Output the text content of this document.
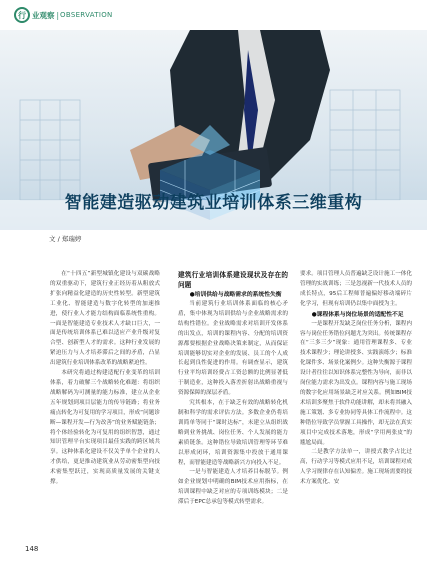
行 业观察 | OBSERVATION
智能建造驱动建筑业培训体系三维重构
文 / 郑瑞婷

在“十四五”新型城镇化建设与双碳战略的双重驱动下，建筑行业正经历着从粗放式扩张向精益化建造的历史性转型。新型建筑工业化、智能建造与数字化转型的加速推进，使行业人才能力结构面临系统性重构。一面是智能建造专业技术人才缺口巨大，一面是传统培训体系已难以适应产业升级对复合型、创新型人才的需求。这种行业发展的紧迫压力与人才培养滞后之间的矛盾，凸显出建筑行业培训体系改革的战略紧迫性。

本研究将通过构建适配行业变革的培训体系，着力破解三个战略转化难题：将组织战略解码为可测量的能力标准，建立从企业五年规划到项目层能力的传导链路；将业务痛点转化为可复用的学习项目，形成“问题诊断—课程开发—行为改善”的业务赋能链条；将个体经验转化为可复用的组织智慧，通过知识管理平台实现项目最佳实践的跨区域共享。这种体系化建设不仅关乎单个企业的人才供给，更是推动建筑业从劳动密集型向技术密集型跃迁，实现高质量发展的关键支撑。

建筑行业培训体系建设现状及存在的问题

●培训供给与战略需求的系统性失衡

当前建筑行业培训体系面临的核心矛盾，集中体现为培训供给与企业战略需求的结构性错位。企业战略需求对培训开发体系的出发点，培训的课程内容、分配的培训资源都要根据企业战略决策来制定，从而保证培训能够切实对企业的发展、员工的个人成长起到良性促进的作用。有调查显示，建筑行业平均培训经费占工资总额的比例显著低于制造业，这种投入落差折射出战略重视与资源保障的深层矛盾。

究其根本，在于缺乏有效的战略转化机制和科学的需求评估方法。多数企业仍将培训简单等同于“课时达标”，未建立从组织战略到业务挑战、岗位任务、个人发展的能力素质链条。这种错位导致培训管理等环节难以形成闭环，培训资源集中投放于通用课程，而智能建造等战略新兴方向投入不足。

一是与智能建造人才培养目标脱节。例如企业规划中明确的BIM技术应用指标，在培训课程中缺乏对应的专项训练模块；二是滞后于EPC总承包等模式转型需求。

要求。项目管理人员普遍缺乏设计施工一体化管理的实战训练；三是忽视新一代技术人员的成长特点，95后工程师普遍偏好移动端碎片化学习，但现有培训仍以集中面授为主。

●课程体系与岗位场景的适配性不足

一是课程开发缺乏岗位任务分析，课程内容与岗位任务错位问题尤为突出。传统课程存在“三多三少”现象：通用管理课程多、专业技术课程少；理论讲授多、实践演练少；标准化课件多、场景化案例少。这种失衡源于课程设计者往往以知识体系完整性为导向，而非以岗位能力需求为出发点。课程内容与施工现场的数字化应用场景缺乏对应关系。例如BIM技术培训多聚焦于软件功能讲解，却未将其融入施工策划、多专业协同等具体工作流程中。这种错位导致学员掌握工具操作，却无法在真实项目中完成技术落地，形成“学用两张皮”的尴尬局面。

二是教学方法单一，讲授式教学占比过高，行动学习等模式应用不足，培训课程对成人学习规律存在认知偏差。施工现场需要的技术方案优化、安

148
